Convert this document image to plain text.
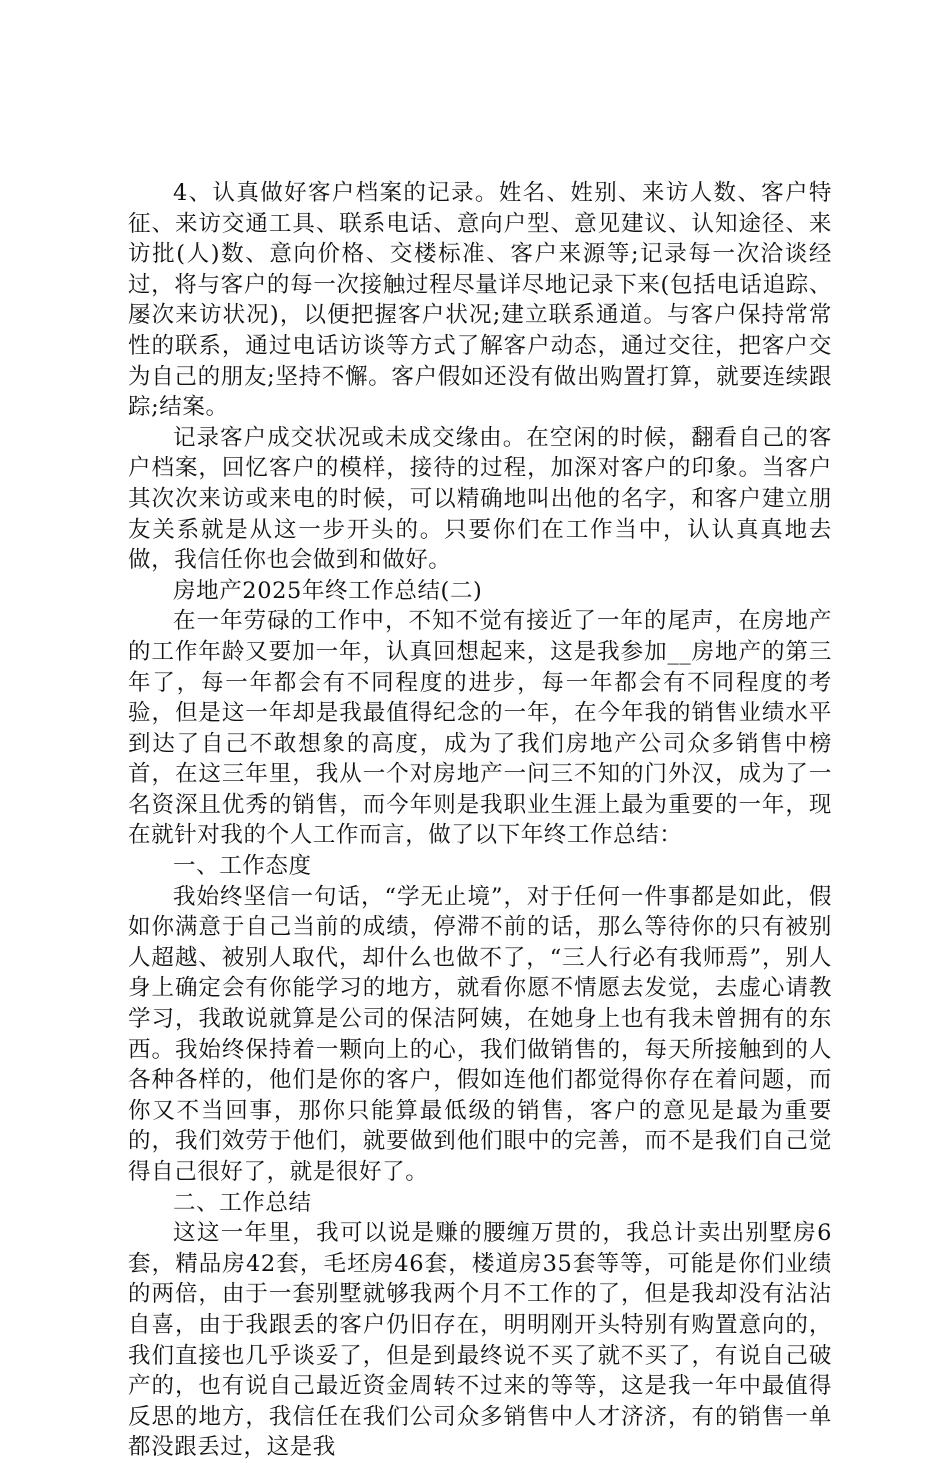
4、认真做好客户档案的记录。姓名、姓别、来访人数、客户特征、来访交通工具、联系电话、意向户型、意见建议、认知途径、来访批(人)数、意向价格、交楼标准、客户来源等;记录每一次洽谈经过，将与客户的每一次接触过程尽量详尽地记录下来(包括电话追踪、屡次来访状况)，以便把握客户状况;建立联系通道。与客户保持常常性的联系，通过电话访谈等方式了解客户动态，通过交往，把客户交为自己的朋友;坚持不懈。客户假如还没有做出购置打算，就要连续跟踪;结案。

记录客户成交状况或未成交缘由。在空闲的时候，翻看自己的客户档案，回忆客户的模样，接待的过程，加深对客户的印象。当客户其次次来访或来电的时候，可以精确地叫出他的名字，和客户建立朋友关系就是从这一步开头的。只要你们在工作当中，认认真真地去做，我信任你也会做到和做好。

房地产2025年终工作总结(二)

在一年劳碌的工作中，不知不觉有接近了一年的尾声，在房地产的工作年龄又要加一年，认真回想起来，这是我参加__房地产的第三年了，每一年都会有不同程度的进步，每一年都会有不同程度的考验，但是这一年却是我最值得纪念的一年，在今年我的销售业绩水平到达了自己不敢想象的高度，成为了我们房地产公司众多销售中榜首，在这三年里，我从一个对房地产一问三不知的门外汉，成为了一名资深且优秀的销售，而今年则是我职业生涯上最为重要的一年，现在就针对我的个人工作而言，做了以下年终工作总结：

一、工作态度

我始终坚信一句话，“学无止境”，对于任何一件事都是如此，假如你满意于自己当前的成绩，停滞不前的话，那么等待你的只有被别人超越、被别人取代，却什么也做不了，“三人行必有我师焉”，别人身上确定会有你能学习的地方，就看你愿不情愿去发觉，去虚心请教学习，我敢说就算是公司的保洁阿姨，在她身上也有我未曾拥有的东西。我始终保持着一颗向上的心，我们做销售的，每天所接触到的人各种各样的，他们是你的客户，假如连他们都觉得你存在着问题，而你又不当回事，那你只能算最低级的销售，客户的意见是最为重要的，我们效劳于他们，就要做到他们眼中的完善，而不是我们自己觉得自己很好了，就是很好了。

二、工作总结

这这一年里，我可以说是赚的腰缠万贯的，我总计卖出别墅房6套，精品房42套，毛坯房46套，楼道房35套等等，可能是你们业绩的两倍，由于一套别墅就够我两个月不工作的了，但是我却没有沾沾自喜，由于我跟丢的客户仍旧存在，明明刚开头特别有购置意向的，我们直接也几乎谈妥了，但是到最终说不买了就不买了，有说自己破产的，也有说自己最近资金周转不过来的等等，这是我一年中最值得反思的地方，我信任在我们公司众多销售中人才济济，有的销售一单都没跟丢过，这是我
